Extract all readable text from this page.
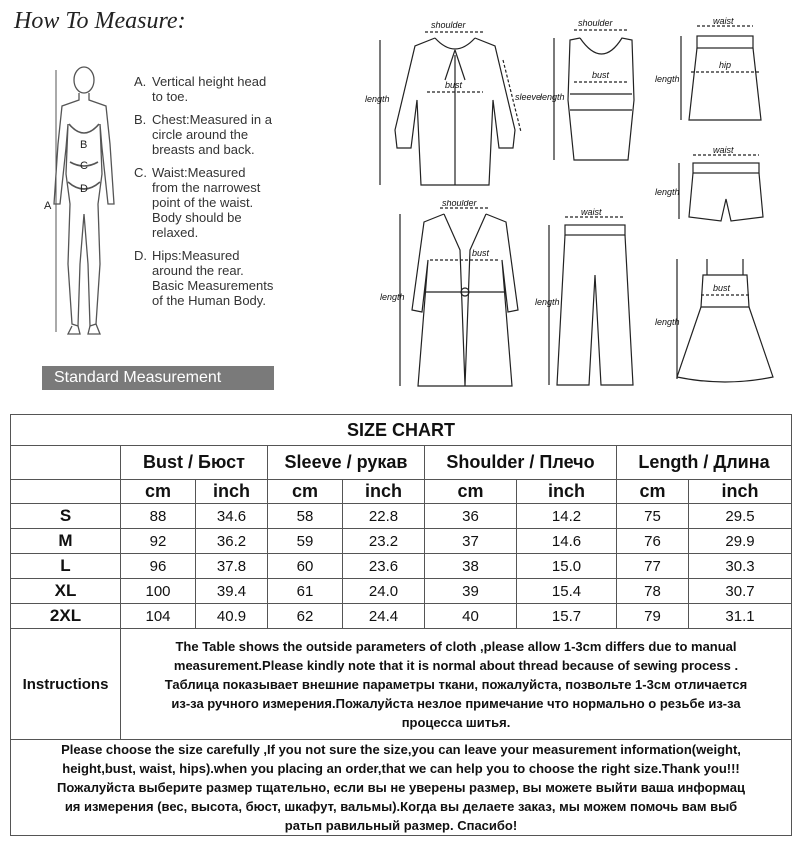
How To Measure:
A
B
C
D
A. Vertical height head to toe.
B. Chest:Measured in a circle around the breasts and back.
C. Waist:Measured from the narrowest point of the waist. Body should be relaxed.
D. Hips:Measured around the rear. Basic Measurements of the Human Body.
Standard Measurement
shoulder
bust
sleeve
length
shoulder
bust
length
waist
hip
length
waist
length
shoulder
bust
length
waist
length
bust
length
SIZE CHART								
	Bust / Бюст		Sleeve / рукав		Shoulder / Плечо		Length / Длина	
	cm	inch	cm	inch	cm	inch	cm	inch
S	88	34.6	58	22.8	36	14.2	75	29.5
M	92	36.2	59	23.2	37	14.6	76	29.9
L	96	37.8	60	23.6	38	15.0	77	30.3
XL	100	39.4	61	24.0	39	15.4	78	30.7
2XL	104	40.9	62	24.4	40	15.7	79	31.1
Instructions	The Table shows the outside parameters of cloth ,please allow 1-3cm differs due to manual
measurement.Please kindly note that it is normal about thread because of sewing process .
Таблица показывает внешние параметры ткани, пожалуйста, позвольте 1-3см отличается
из-за ручного измерения.Пожалуйста незлое примечание что нормально о резьбе из-за
процесса шитья.							

Please choose the size carefully ,If you not sure the size,you can leave your measurement information(weight,
height,bust, waist, hips).when you placing an order,that we can help you to choose the right size.Thank you!!!
Пожалуйста выберите размер тщательно, если вы не уверены размер, вы можете выйти ваша информац
ия измерения (вес, высота, бюст, шкафут, вальмы).Когда вы делаете заказ, мы можем помочь вам выб
ратьп равильный размер. Спасибо!								
